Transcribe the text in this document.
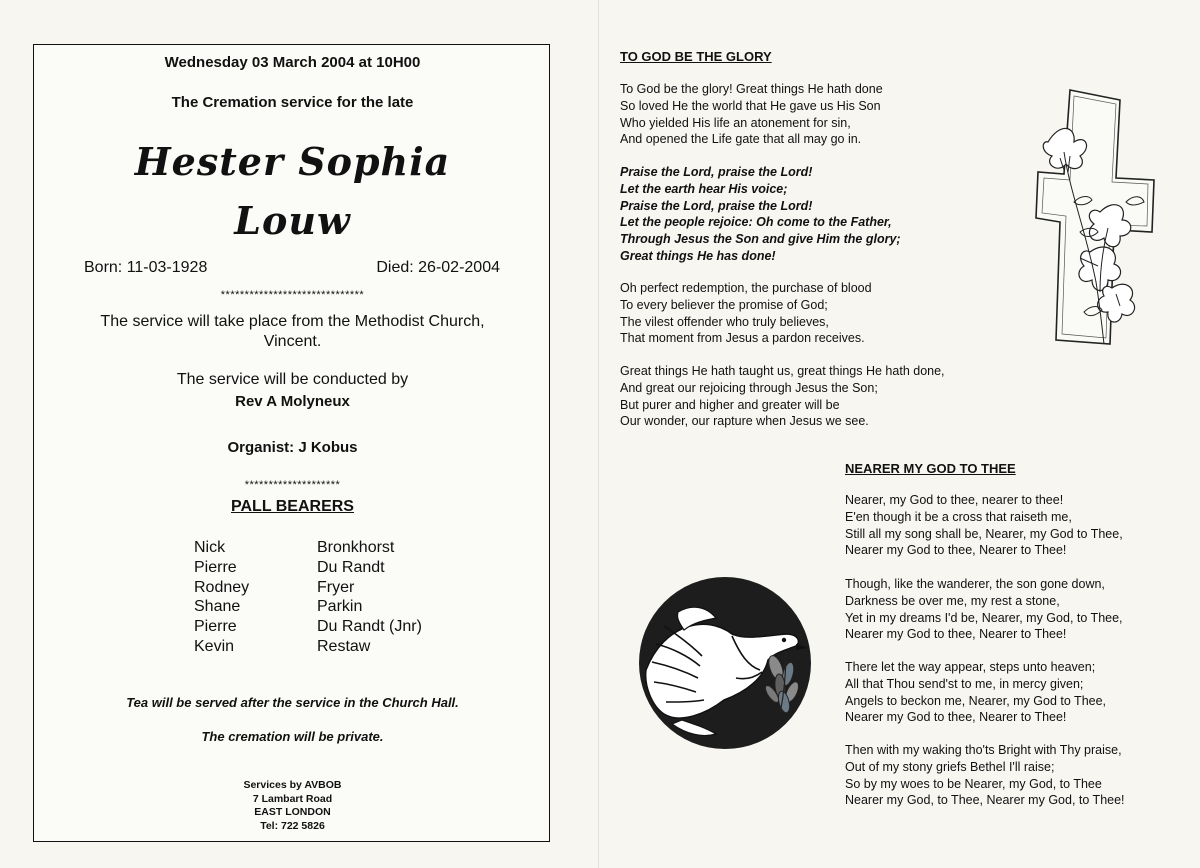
Wednesday 03 March 2004 at 10H00
The Cremation service for the late
Hester Sophia
Louw
Born: 11-03-1928	Died: 26-02-2004
******************************
The service will take place from the Methodist Church,
Vincent.
The service will be conducted by
Rev A Molyneux
Organist: J Kobus
********************
PALL BEARERS
Nick	Bronkhorst
Pierre	Du Randt
Rodney	Fryer
Shane	Parkin
Pierre	Du Randt (Jnr)
Kevin	Restaw
Tea will be served after the service in the Church Hall.
The cremation will be private.
Services by AVBOB
7 Lambart Road
EAST LONDON
Tel: 722 5826
TO GOD BE THE GLORY
To God be the glory! Great things He hath done
So loved He the world that He gave us His Son
Who yielded His life an atonement for sin,
And opened the Life gate that all may go in.
Praise the Lord, praise the Lord!
Let the earth hear His voice;
Praise the Lord, praise the Lord!
Let the people rejoice: Oh come to the Father,
Through Jesus the Son and give Him the glory;
Great things He has done!
Oh perfect redemption, the purchase of blood
To every believer the promise of God;
The vilest offender who truly believes,
That moment from Jesus a pardon receives.
Great things He hath taught us, great things He hath done,
And great our rejoicing through Jesus the Son;
But purer and higher and greater will be
Our wonder, our rapture when Jesus we see.
NEARER MY GOD TO THEE
Nearer, my God to thee, nearer to thee!
E'en though it be a cross that raiseth me,
Still all my song shall be, Nearer, my God to Thee,
Nearer my God to thee, Nearer to Thee!
Though, like the wanderer, the son gone down,
Darkness be over me, my rest a stone,
Yet in my dreams I'd be, Nearer, my God, to Thee,
Nearer my God to thee, Nearer to Thee!
There let the way appear, steps unto heaven;
All that Thou send'st to me, in mercy given;
Angels to beckon me, Nearer, my God to Thee,
Nearer my God to thee, Nearer to Thee!
Then with my waking tho'ts Bright with Thy praise,
Out of my stony griefs Bethel I'll raise;
So by my woes to be Nearer, my God, to Thee
Nearer my God, to Thee, Nearer my God, to Thee!
